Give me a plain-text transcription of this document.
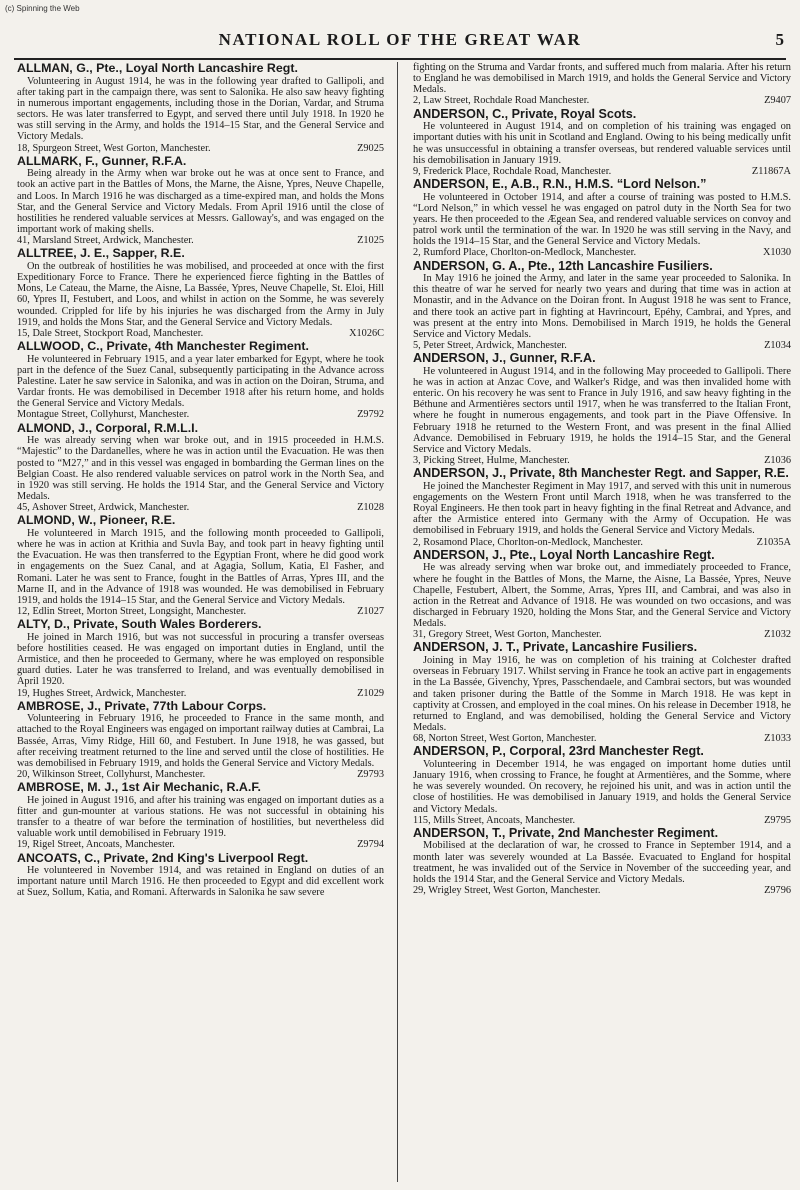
(c) Spinning the Web
NATIONAL ROLL OF THE GREAT WAR	5
ALLMAN, G., Pte., Loyal North Lancashire Regt.
Volunteering in August 1914, he was in the following year drafted to Gallipoli, and after taking part in the campaign there, was sent to Salonika. He also saw heavy fighting in numerous important engagements, including those in the Dorian, Vardar, and Struma sectors. He was later transferred to Egypt, and served there until July 1918. In 1920 he was still serving in the Army, and holds the 1914–15 Star, and the General Service and Victory Medals.
18, Spurgeon Street, West Gorton, Manchester.	Z9025
ALLMARK, F., Gunner, R.F.A.
Being already in the Army when war broke out he was at once sent to France, and took an active part in the Battles of Mons, the Marne, the Aisne, Ypres, Neuve Chapelle, and Loos. In March 1916 he was discharged as a time-expired man, and holds the Mons Star, and the General Service and Victory Medals. From April 1916 until the close of hostilities he rendered valuable services at Messrs. Galloway's, and was engaged on the important work of making shells.
41, Marsland Street, Ardwick, Manchester.	Z1025
ALLTREE, J. E., Sapper, R.E.
On the outbreak of hostilities he was mobilised, and proceeded at once with the first Expeditionary Force to France. There he experienced fierce fighting in the Battles of Mons, Le Cateau, the Marne, the Aisne, La Bassée, Ypres, Neuve Chapelle, St. Eloi, Hill 60, Ypres II, Festubert, and Loos, and whilst in action on the Somme, he was severely wounded. Crippled for life by his injuries he was discharged from the Army in July 1919, and holds the Mons Star, and the General Service and Victory Medals.
15, Dale Street, Stockport Road, Manchester.	X1026C
ALLWOOD, C., Private, 4th Manchester Regiment.
He volunteered in February 1915, and a year later embarked for Egypt, where he took part in the defence of the Suez Canal, subsequently participating in the Advance across Palestine. Later he saw service in Salonika, and was in action on the Doiran, Struma, and Vardar fronts. He was demobilised in December 1918 after his return home, and holds the General Service and Victory Medals.
Montague Street, Collyhurst, Manchester.	Z9792
ALMOND, J., Corporal, R.M.L.I.
He was already serving when war broke out, and in 1915 proceeded in H.M.S. “Majestic” to the Dardanelles, where he was in action until the Evacuation. He was then posted to “M27,” and in this vessel was engaged in bombarding the German lines on the Belgian Coast. He also rendered valuable services on patrol work in the North Sea, and in 1920 was still serving. He holds the 1914 Star, and the General Service and Victory Medals.
45, Ashover Street, Ardwick, Manchester.	Z1028
ALMOND, W., Pioneer, R.E.
He volunteered in March 1915, and the following month proceeded to Gallipoli, where he was in action at Krithia and Suvla Bay, and took part in heavy fighting until the Evacuation. He was then transferred to the Egyptian Front, where he did good work in engagements on the Suez Canal, and at Agagia, Sollum, Katia, El Fasher, and Romani. Later he was sent to France, fought in the Battles of Arras, Ypres III, and the Marne II, and in the Advance of 1918 was wounded. He was demobilised in February 1919, and holds the 1914–15 Star, and the General Service and Victory Medals.
12, Edlin Street, Morton Street, Longsight, Manchester.	Z1027
ALTY, D., Private, South Wales Borderers.
He joined in March 1916, but was not successful in procuring a transfer overseas before hostilities ceased. He was engaged on important duties in England, until the Armistice, and then he proceeded to Germany, where he was employed on responsible guard duties. Later he was transferred to Ireland, and was eventually demobilised in April 1920.
19, Hughes Street, Ardwick, Manchester.	Z1029
AMBROSE, J., Private, 77th Labour Corps.
Volunteering in February 1916, he proceeded to France in the same month, and attached to the Royal Engineers was engaged on important railway duties at Cambrai, La Bassée, Arras, Vimy Ridge, Hill 60, and Festubert. In June 1918, he was gassed, but after receiving treatment returned to the line and served until the close of hostilities. He was demobilised in February 1919, and holds the General Service and Victory Medals.
20, Wilkinson Street, Collyhurst, Manchester.	Z9793
AMBROSE, M. J., 1st Air Mechanic, R.A.F.
He joined in August 1916, and after his training was engaged on important duties as a fitter and gun-mounter at various stations. He was not successful in obtaining his transfer to a theatre of war before the termination of hostilities, but nevertheless did valuable work until demobilised in February 1919.
19, Rigel Street, Ancoats, Manchester.	Z9794
ANCOATS, C., Private, 2nd King's Liverpool Regt.
He volunteered in November 1914, and was retained in England on duties of an important nature until March 1916. He then proceeded to Egypt and did excellent work at Suez, Sollum, Katia, and Romani. Afterwards in Salonika he saw severe
fighting on the Struma and Vardar fronts, and suffered much from malaria. After his return to England he was demobilised in March 1919, and holds the General Service and Victory Medals.
2, Law Street, Rochdale Road Manchester.	Z9407
ANDERSON, C., Private, Royal Scots.
He volunteered in August 1914, and on completion of his training was engaged on important duties with his unit in Scotland and England. Owing to his being medically unfit he was unsuccessful in obtaining a transfer overseas, but rendered valuable services until his demobilisation in January 1919.
9, Frederick Place, Rochdale Road, Manchester.	Z11867A
ANDERSON, E., A.B., R.N., H.M.S. “Lord Nelson.”
He volunteered in October 1914, and after a course of training was posted to H.M.S. “Lord Nelson,” in which vessel he was engaged on patrol duty in the North Sea for two years. He then proceeded to the Ægean Sea, and rendered valuable services on convoy and patrol work until the termination of the war. In 1920 he was still serving in the Navy, and holds the 1914–15 Star, and the General Service and Victory Medals.
2, Rumford Place, Chorlton-on-Medlock, Manchester.	X1030
ANDERSON, G. A., Pte., 12th Lancashire Fusiliers.
In May 1916 he joined the Army, and later in the same year proceeded to Salonika. In this theatre of war he served for nearly two years and during that time was in action at Monastir, and in the Advance on the Doiran front. In August 1918 he was sent to France, and there took an active part in fighting at Havrincourt, Epéhy, Cambrai, and Ypres, and was present at the entry into Mons. Demobilised in March 1919, he holds the General Service and Victory Medals.
5, Peter Street, Ardwick, Manchester.	Z1034
ANDERSON, J., Gunner, R.F.A.
He volunteered in August 1914, and in the following May proceeded to Gallipoli. There he was in action at Anzac Cove, and Walker's Ridge, and was then invalided home with enteric. On his recovery he was sent to France in July 1916, and saw heavy fighting in the Béthune and Armentières sectors until 1917, when he was transferred to the Italian Front, where he fought in numerous engagements, and took part in the Piave Offensive. In February 1918 he returned to the Western Front, and was present in the final Allied Advance. Demobilised in February 1919, he holds the 1914–15 Star, and the General Service and Victory Medals.
3, Picking Street, Hulme, Manchester.	Z1036
ANDERSON, J., Private, 8th Manchester Regt. and Sapper, R.E.
He joined the Manchester Regiment in May 1917, and served with this unit in numerous engagements on the Western Front until March 1918, when he was transferred to the Royal Engineers. He then took part in heavy fighting in the final Retreat and Advance, and after the Armistice entered into Germany with the Army of Occupation. He was demobilised in February 1919, and holds the General Service and Victory Medals.
2, Rosamond Place, Chorlton-on-Medlock, Manchester.	Z1035A
ANDERSON, J., Pte., Loyal North Lancashire Regt.
He was already serving when war broke out, and immediately proceeded to France, where he fought in the Battles of Mons, the Marne, the Aisne, La Bassée, Ypres, Neuve Chapelle, Festubert, Albert, the Somme, Arras, Ypres III, and Cambrai, and was also in action in the Retreat and Advance of 1918. He was wounded on two occasions, and was discharged in February 1920, holding the Mons Star, and the General Service and Victory Medals.
31, Gregory Street, West Gorton, Manchester.	Z1032
ANDERSON, J. T., Private, Lancashire Fusiliers.
Joining in May 1916, he was on completion of his training at Colchester drafted overseas in February 1917. Whilst serving in France he took an active part in engagements in the La Bassée, Givenchy, Ypres, Passchendaele, and Cambrai sectors, but was wounded and taken prisoner during the Battle of the Somme in March 1918. He was kept in captivity at Crossen, and employed in the coal mines. On his release in December 1918, he returned to England, and was demobilised, holding the General Service and Victory Medals.
68, Norton Street, West Gorton, Manchester.	Z1033
ANDERSON, P., Corporal, 23rd Manchester Regt.
Volunteering in December 1914, he was engaged on important home duties until January 1916, when crossing to France, he fought at Armentières, and the Somme, where he was severely wounded. On recovery, he rejoined his unit, and was in action until the close of hostilities. He was demobilised in January 1919, and holds the General Service and Victory Medals.
115, Mills Street, Ancoats, Manchester.	Z9795
ANDERSON, T., Private, 2nd Manchester Regiment.
Mobilised at the declaration of war, he crossed to France in September 1914, and a month later was severely wounded at La Bassée. Evacuated to England for hospital treatment, he was invalided out of the Service in November of the succeeding year, and holds the 1914 Star, and the General Service and Victory Medals.
29, Wrigley Street, West Gorton, Manchester.	Z9796
